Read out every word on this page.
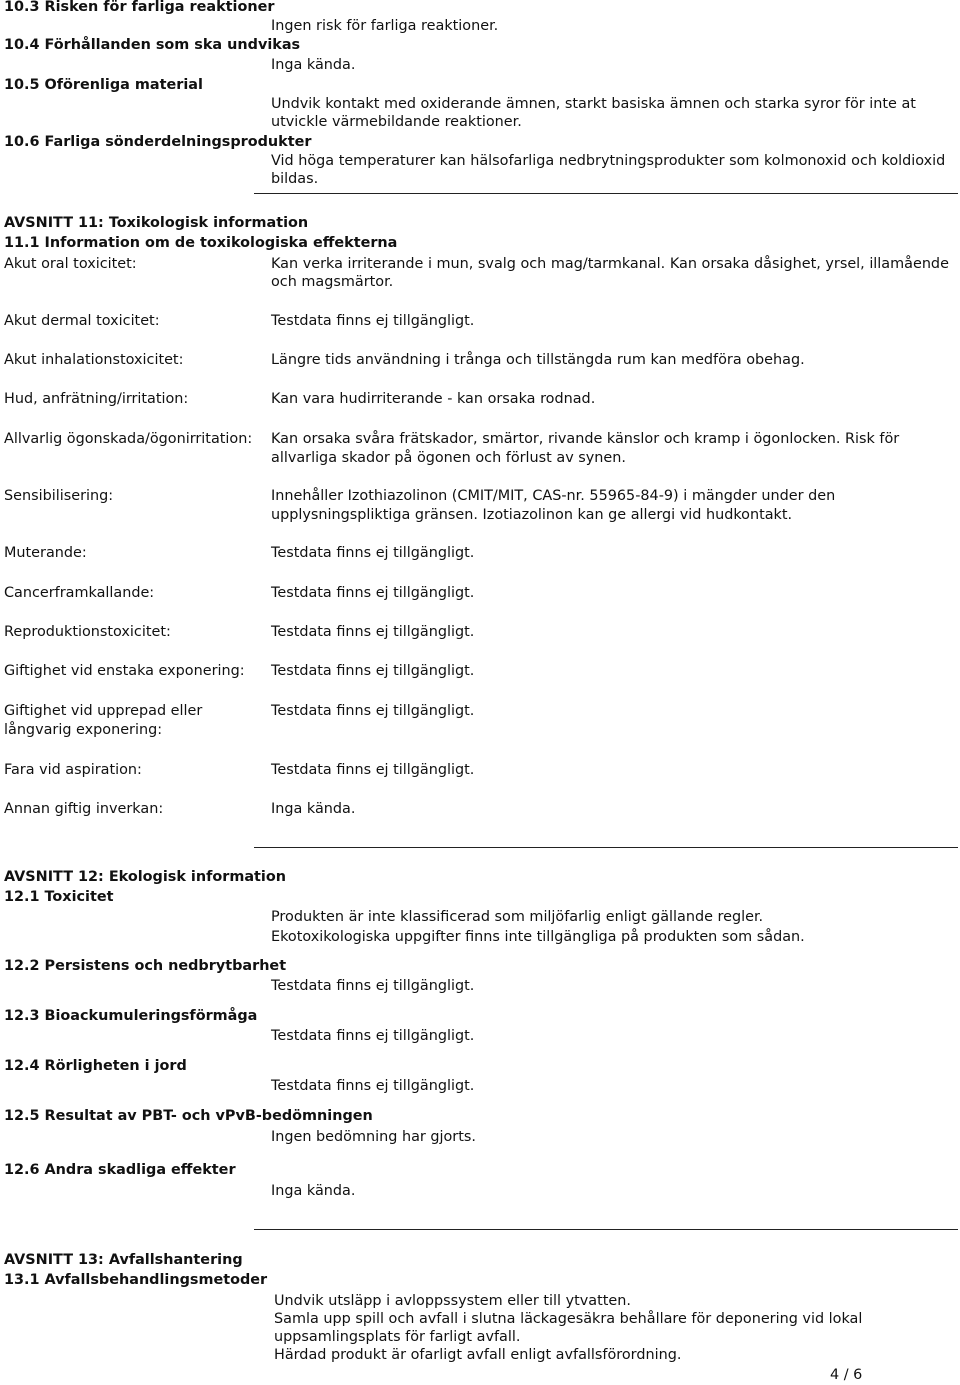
10.3 Risken för farliga reaktioner
Ingen risk för farliga reaktioner.
10.4 Förhållanden som ska undvikas
Inga kända.
10.5 Oförenliga material
Undvik kontakt med oxiderande ämnen, starkt basiska ämnen och starka syror för inte at
utvickle värmebildande reaktioner.
10.6 Farliga sönderdelningsprodukter
Vid höga temperaturer kan hälsofarliga nedbrytningsprodukter som kolmonoxid och koldioxid
bildas.
AVSNITT 11: Toxikologisk information
11.1 Information om de toxikologiska effekterna
Akut oral toxicitet:	Kan verka irriterande i mun, svalg och mag/tarmkanal. Kan orsaka dåsighet, yrsel, illamående
och magsmärtor.
Akut dermal toxicitet:	Testdata finns ej tillgängligt.
Akut inhalationstoxicitet:	Längre tids användning i trånga och tillstängda rum kan medföra obehag.
Hud, anfrätning/irritation:	Kan vara hudirriterande - kan orsaka rodnad.
Allvarlig ögonskada/ögonirritation: Kan orsaka svåra frätskador, smärtor, rivande känslor och kramp i ögonlocken. Risk för
allvarliga skador på ögonen och förlust av synen.
Sensibilisering:	Innehåller Izothiazolinon (CMIT/MIT, CAS-nr. 55965-84-9) i mängder under den
upplysningspliktiga gränsen. Izotiazolinon kan ge allergi vid hudkontakt.
Muterande:	Testdata finns ej tillgängligt.
Cancerframkallande:	Testdata finns ej tillgängligt.
Reproduktionstoxicitet:	Testdata finns ej tillgängligt.
Giftighet vid enstaka exponering: Testdata finns ej tillgängligt.
Giftighet vid upprepad eller
långvarig exponering:
Testdata finns ej tillgängligt.
Fara vid aspiration:	Testdata finns ej tillgängligt.
Annan giftig inverkan:	Inga kända.
AVSNITT 12: Ekologisk information
12.1 Toxicitet
Produkten är inte klassificerad som miljöfarlig enligt gällande regler.
Ekotoxikologiska uppgifter finns inte tillgängliga på produkten som sådan.
12.2 Persistens och nedbrytbarhet
Testdata finns ej tillgängligt.
12.3 Bioackumuleringsförmåga
Testdata finns ej tillgängligt.
12.4 Rörligheten i jord
Testdata finns ej tillgängligt.
12.5 Resultat av PBT- och vPvB-bedömningen
Ingen bedömning har gjorts.
12.6 Andra skadliga effekter
Inga kända.
AVSNITT 13: Avfallshantering
13.1 Avfallsbehandlingsmetoder
Undvik utsläpp i avloppssystem eller till ytvatten.
Samla upp spill och avfall i slutna läckagesäkra behållare för deponering vid lokal
uppsamlingsplats för farligt avfall.
Härdad produkt är ofarligt avfall enligt avfallsförordning.
4 / 6
